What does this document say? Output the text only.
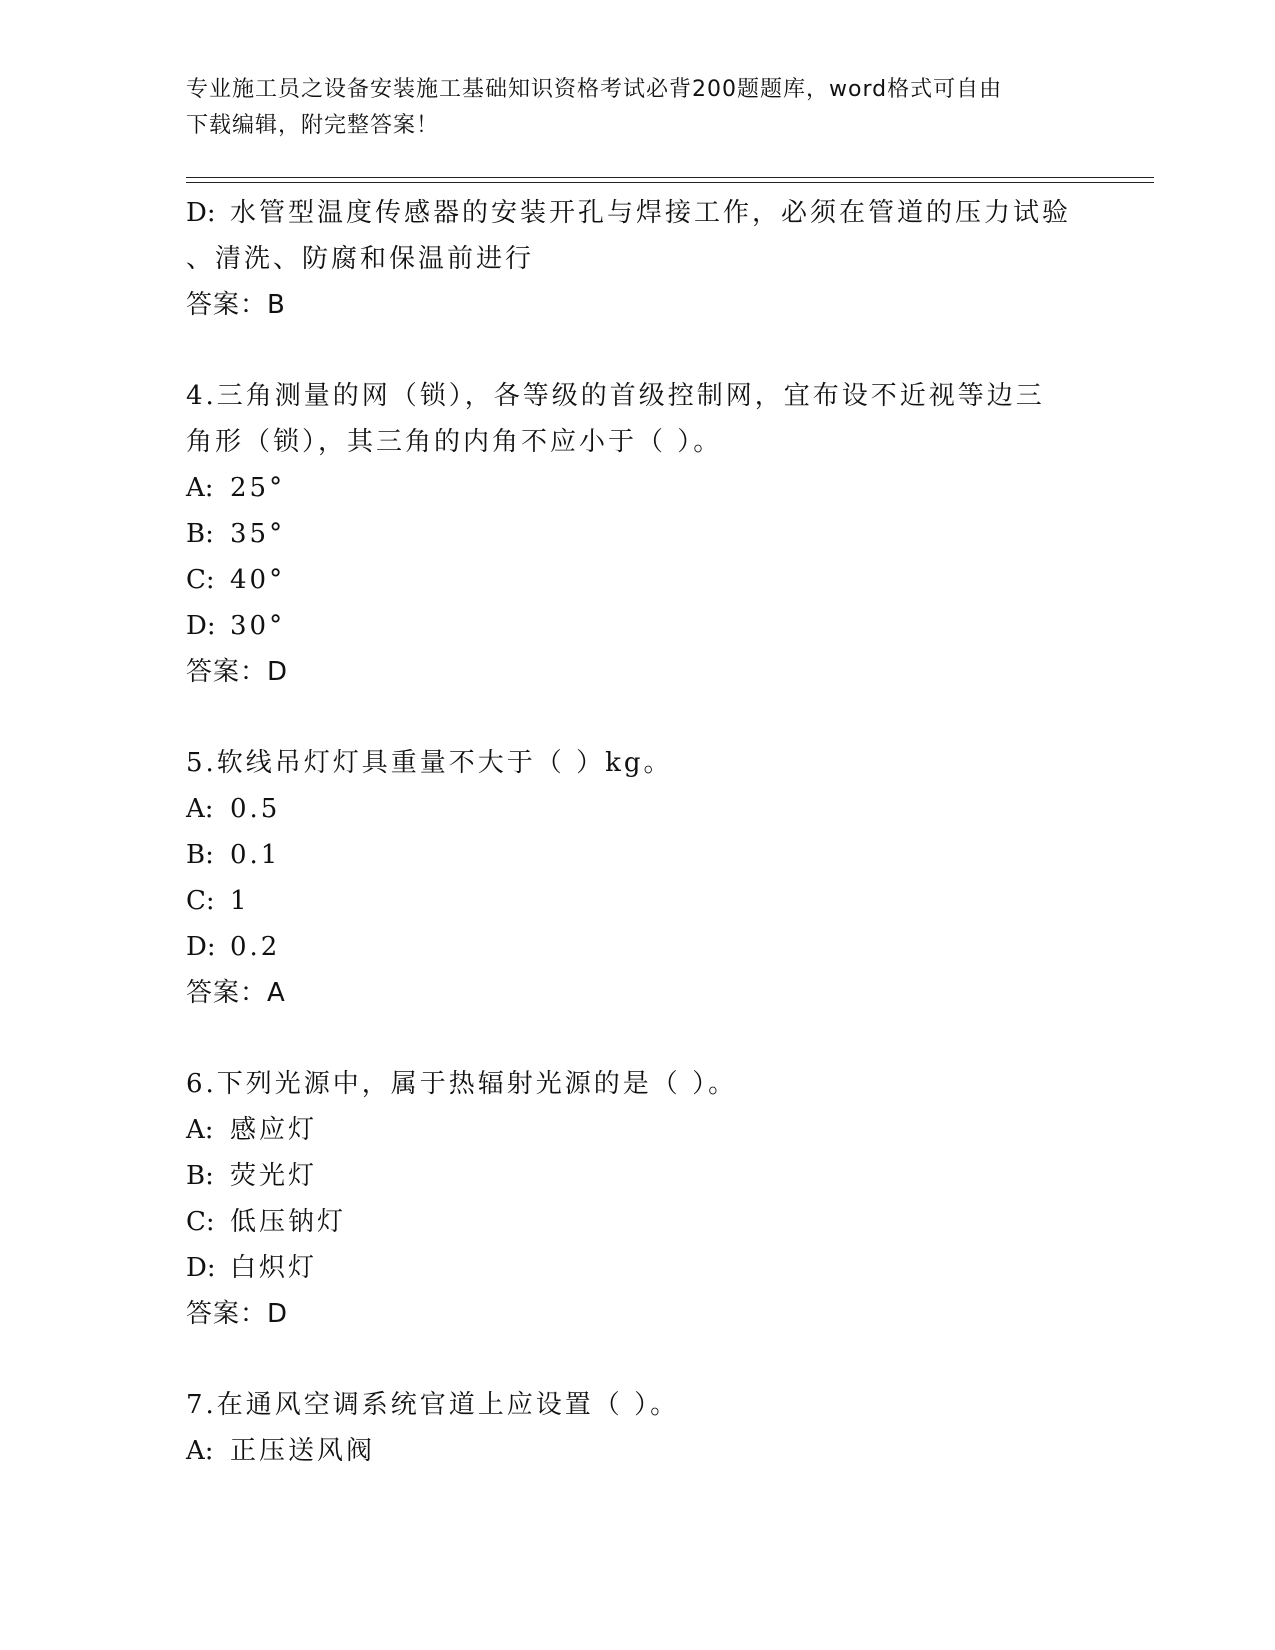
专业施工员之设备安装施工基础知识资格考试必背200题题库，word格式可自由
下载编辑，附完整答案！
D: 水管型温度传感器的安装开孔与焊接工作，必须在管道的压力试验
、清洗、防腐和保温前进行
答案：B
4.三角测量的网（锁），各等级的首级控制网，宜布设不近视等边三
角形（锁），其三角的内角不应小于（ ）。
A: 25°
B: 35°
C: 40°
D: 30°
答案：D
5.软线吊灯灯具重量不大于（ ）kg。
A: 0.5
B: 0.1
C: 1
D: 0.2
答案：A
6.下列光源中，属于热辐射光源的是（ ）。
A: 感应灯
B: 荧光灯
C: 低压钠灯
D: 白炽灯
答案：D
7.在通风空调系统官道上应设置（ ）。
A: 正压送风阀
